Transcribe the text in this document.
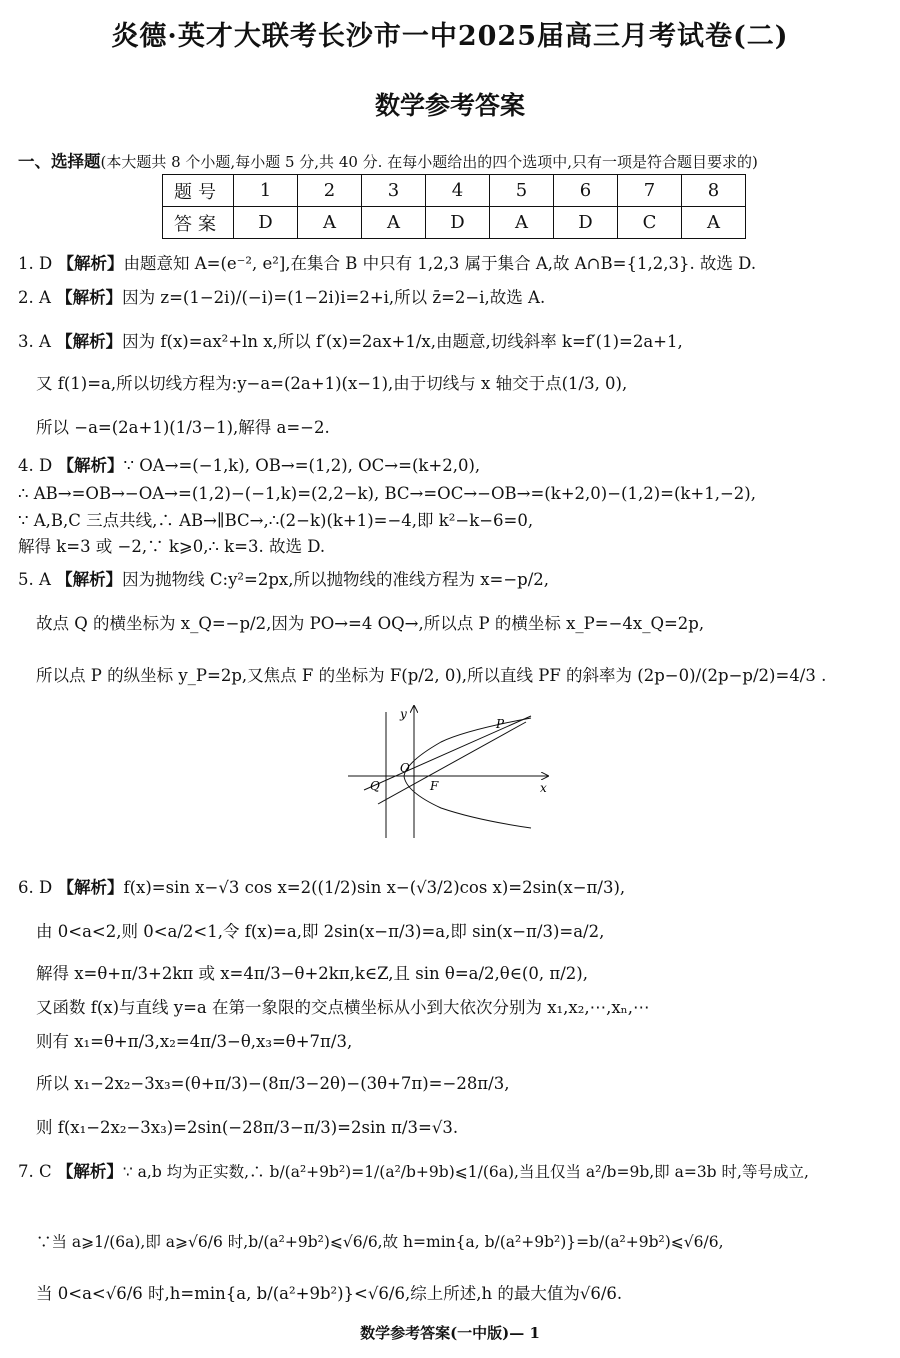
炎德·英才大联考长沙市一中2025届高三月考试卷(二)
数学参考答案
一、选择题(本大题共 8 个小题,每小题 5 分,共 40 分. 在每小题给出的四个选项中,只有一项是符合题目要求的)
题号	1	2	3	4	5	6	7	8
答案	D	A	A	D	A	D	C	A
1. D 【解析】由题意知 A=(e⁻², e²],在集合 B 中只有 1,2,3 属于集合 A,故 A∩B={1,2,3}. 故选 D.
2. A 【解析】因为 z=(1−2i)/(−i)=(1−2i)i=2+i,所以 z̄=2−i,故选 A.
3. A 【解析】因为 f(x)=ax²+ln x,所以 f′(x)=2ax+1/x,由题意,切线斜率 k=f′(1)=2a+1,
又 f(1)=a,所以切线方程为:y−a=(2a+1)(x−1),由于切线与 x 轴交于点(1/3, 0),
所以 −a=(2a+1)(1/3−1),解得 a=−2.
4. D 【解析】∵ OA→=(−1,k), OB→=(1,2), OC→=(k+2,0),
∴ AB→=OB→−OA→=(1,2)−(−1,k)=(2,2−k), BC→=OC→−OB→=(k+2,0)−(1,2)=(k+1,−2),
∵ A,B,C 三点共线,∴ AB→∥BC→,∴(2−k)(k+1)=−4,即 k²−k−6=0,
解得 k=3 或 −2,∵ k⩾0,∴ k=3. 故选 D.
5. A 【解析】因为抛物线 C:y²=2px,所以抛物线的准线方程为 x=−p/2,
故点 Q 的横坐标为 x_Q=−p/2,因为 PO→=4 OQ→,所以点 P 的横坐标 x_P=−4x_Q=2p,
所以点 P 的纵坐标 y_P=2p,又焦点 F 的坐标为 F(p/2, 0),所以直线 PF 的斜率为 (2p−0)/(2p−p/2)=4/3 .
y
x
O
Q	F
P
6. D 【解析】f(x)=sin x−√3 cos x=2((1/2)sin x−(√3/2)cos x)=2sin(x−π/3),
由 0<a<2,则 0<a/2<1,令 f(x)=a,即 2sin(x−π/3)=a,即 sin(x−π/3)=a/2,
解得 x=θ+π/3+2kπ 或 x=4π/3−θ+2kπ,k∈Z,且 sin θ=a/2,θ∈(0, π/2),
又函数 f(x)与直线 y=a 在第一象限的交点横坐标从小到大依次分别为 x₁,x₂,⋯,xₙ,⋯
则有 x₁=θ+π/3,x₂=4π/3−θ,x₃=θ+7π/3,
所以 x₁−2x₂−3x₃=(θ+π/3)−(8π/3−2θ)−(3θ+7π)=−28π/3,
则 f(x₁−2x₂−3x₃)=2sin(−28π/3−π/3)=2sin π/3=√3.
7. C 【解析】∵ a,b 均为正实数,∴ b/(a²+9b²)=1/(a²/b+9b)⩽1/(6a),当且仅当 a²/b=9b,即 a=3b 时,等号成立,
∵当 a⩾1/(6a),即 a⩾√6/6 时,b/(a²+9b²)⩽√6/6,故 h=min{a, b/(a²+9b²)}=b/(a²+9b²)⩽√6/6,
当 0<a<√6/6 时,h=min{a, b/(a²+9b²)}<√6/6,综上所述,h 的最大值为√6/6.
数学参考答案(一中版)— 1
